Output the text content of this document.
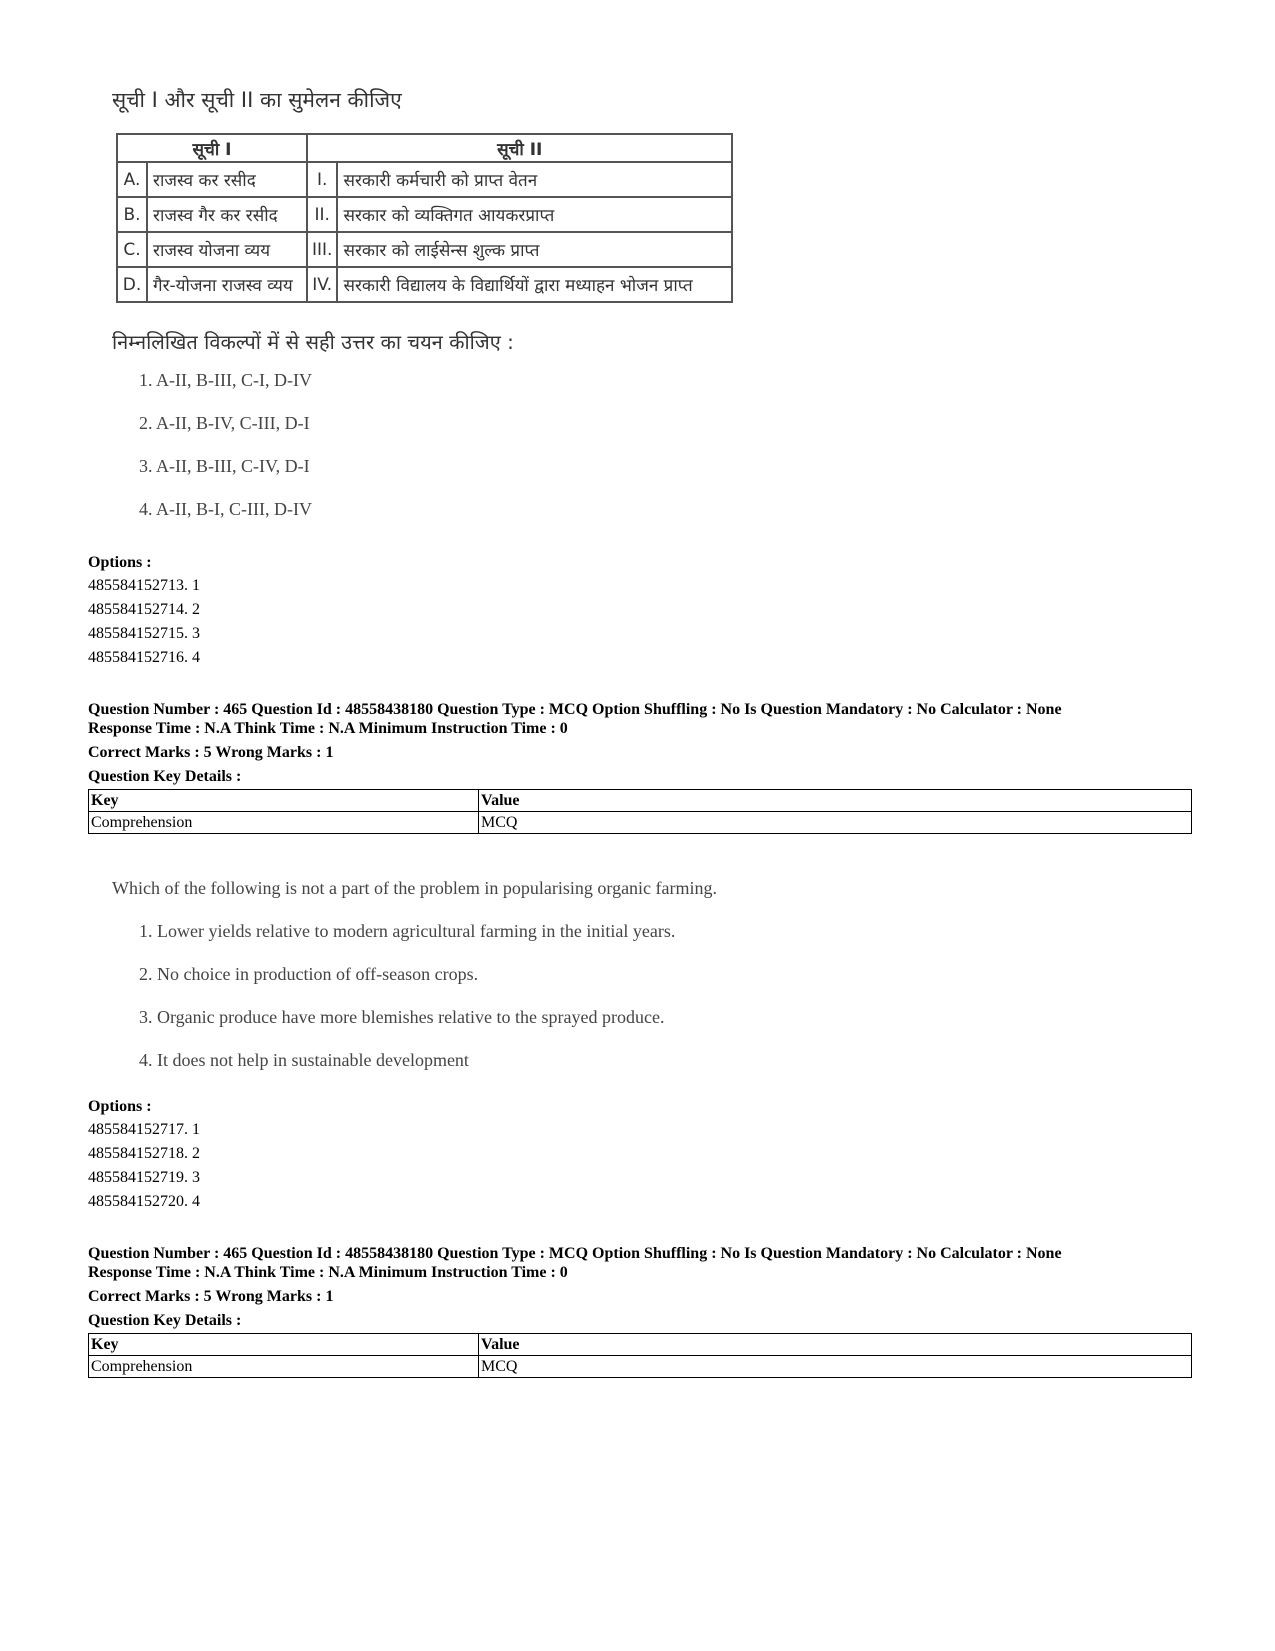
सूची I और सूची II का सुमेलन कीजिए
सूची I		सूची II	
A.	राजस्व कर रसीद	I.	सरकारी कर्मचारी को प्राप्त वेतन
B.	राजस्व गैर कर रसीद	II.	सरकार को व्यक्तिगत आयकरप्राप्त
C.	राजस्व योजना व्यय	III.	सरकार को लाईसेन्स शुल्क प्राप्त
D.	गैर-योजना राजस्व व्यय	IV.	सरकारी विद्यालय के विद्यार्थियों द्वारा मध्याहन भोजन प्राप्त
निम्नलिखित विकल्पों में से सही उत्तर का चयन कीजिए :
1. A-II, B-III, C-I, D-IV
2. A-II, B-IV, C-III, D-I
3. A-II, B-III, C-IV, D-I
4. A-II, B-I, C-III, D-IV
Options :
485584152713. 1
485584152714. 2
485584152715. 3
485584152716. 4
Question Number : 465 Question Id : 48558438180 Question Type : MCQ Option Shuffling : No Is Question Mandatory : No Calculator : None
Response Time : N.A Think Time : N.A Minimum Instruction Time : 0
Correct Marks : 5 Wrong Marks : 1
Question Key Details :
Key	Value
Comprehension	MCQ
Which of the following is not a part of the problem in popularising organic farming.
1. Lower yields relative to modern agricultural farming in the initial years.
2. No choice in production of off-season crops.
3. Organic produce have more blemishes relative to the sprayed produce.
4. It does not help in sustainable development
Options :
485584152717. 1
485584152718. 2
485584152719. 3
485584152720. 4
Question Number : 465 Question Id : 48558438180 Question Type : MCQ Option Shuffling : No Is Question Mandatory : No Calculator : None
Response Time : N.A Think Time : N.A Minimum Instruction Time : 0
Correct Marks : 5 Wrong Marks : 1
Question Key Details :
Key	Value
Comprehension	MCQ
